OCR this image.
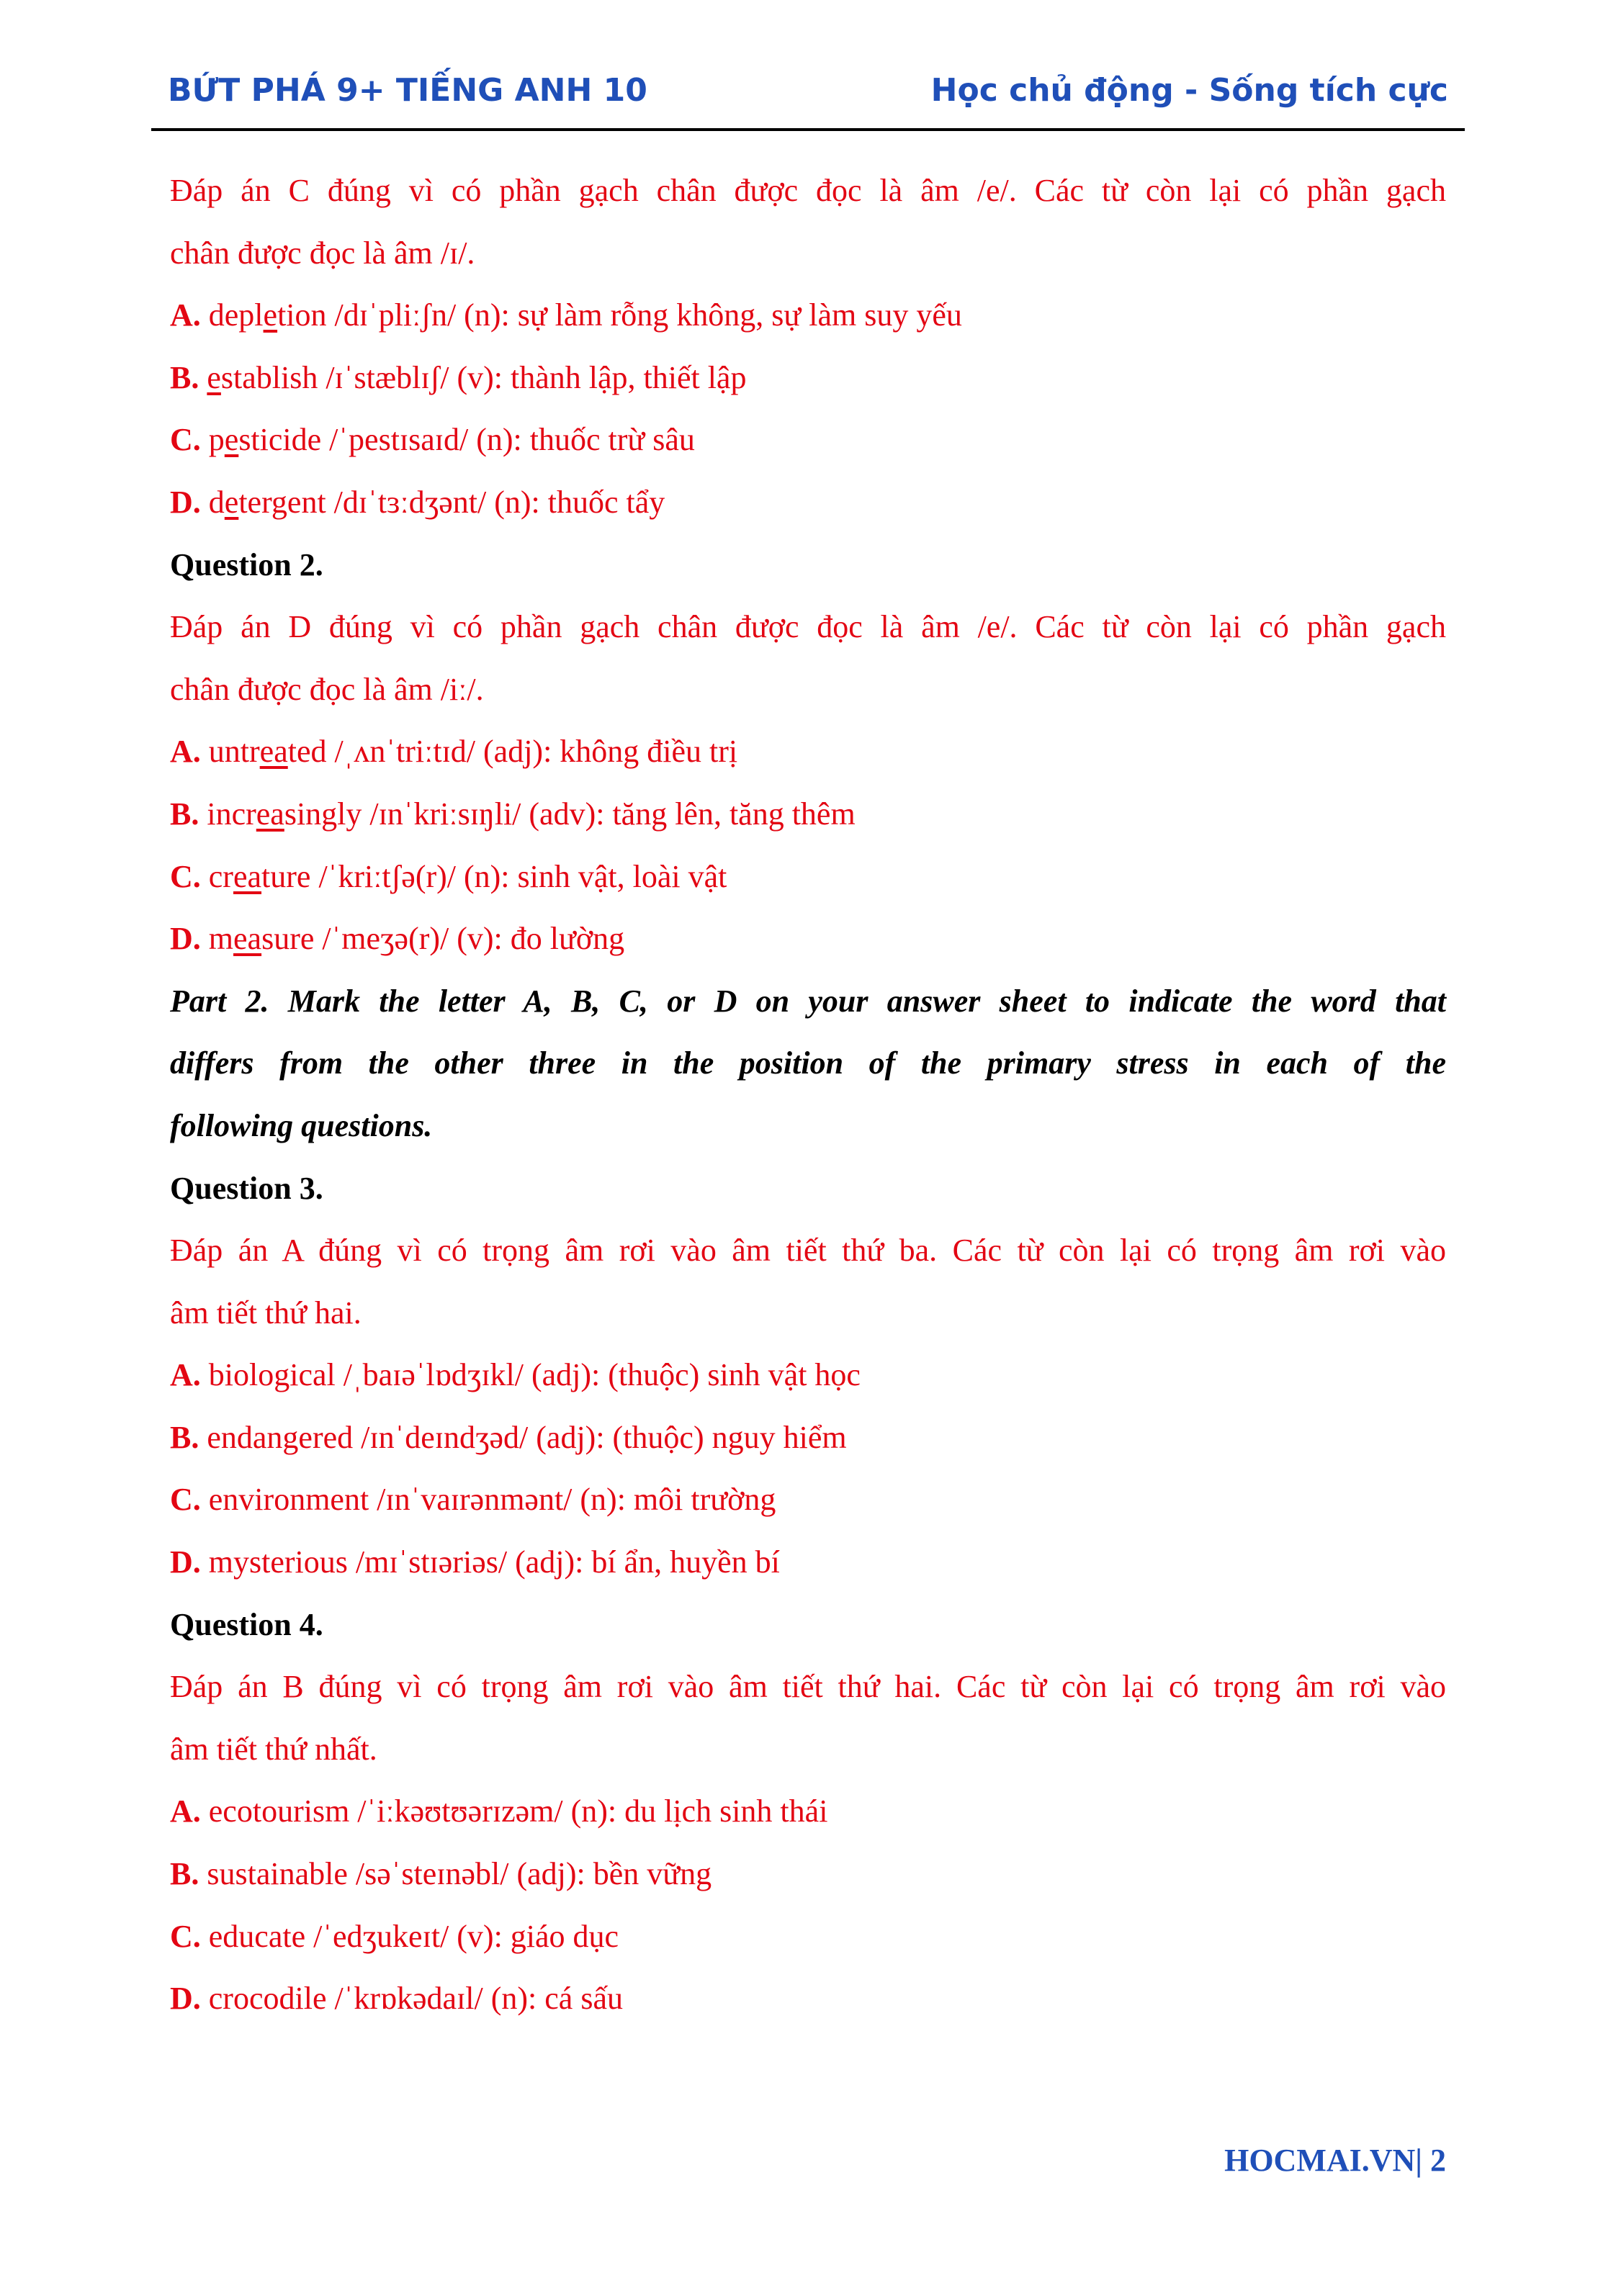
BỨT PHÁ 9+ TIẾNG ANH 10	Học chủ động - Sống tích cực
Đáp án C đúng vì có phần gạch chân được đọc là âm /e/. Các từ còn lại có phần gạch
chân được đọc là âm /ɪ/.
A. depletion /dɪˈpliːʃn/ (n): sự làm rỗng không, sự làm suy yếu
B. establish /ɪˈstæblɪʃ/ (v): thành lập, thiết lập
C. pesticide /ˈpestɪsaɪd/ (n): thuốc trừ sâu
D. detergent /dɪˈtɜːdʒənt/ (n): thuốc tẩy
Question 2.
Đáp án D đúng vì có phần gạch chân được đọc là âm /e/. Các từ còn lại có phần gạch
chân được đọc là âm /iː/.
A. untreated /ˌʌnˈtriːtɪd/ (adj): không điều trị
B. increasingly /ɪnˈkriːsɪŋli/ (adv): tăng lên, tăng thêm
C. creature /ˈkriːtʃə(r)/ (n): sinh vật, loài vật
D. measure /ˈmeʒə(r)/ (v): đo lường
Part 2. Mark the letter A, B, C, or D on your answer sheet to indicate the word that
differs from the other three in the position of the primary stress in each of the
following questions.
Question 3.
Đáp án A đúng vì có trọng âm rơi vào âm tiết thứ ba. Các từ còn lại có trọng âm rơi vào
âm tiết thứ hai.
A. biological /ˌbaɪəˈlɒdʒɪkl/ (adj): (thuộc) sinh vật học
B. endangered /ɪnˈdeɪndʒəd/ (adj): (thuộc) nguy hiểm
C. environment /ɪnˈvaɪrənmənt/ (n): môi trường
D. mysterious /mɪˈstɪəriəs/ (adj): bí ẩn, huyền bí
Question 4.
Đáp án B đúng vì có trọng âm rơi vào âm tiết thứ hai. Các từ còn lại có trọng âm rơi vào
âm tiết thứ nhất.
A. ecotourism /ˈiːkəʊtʊərɪzəm/ (n): du lịch sinh thái
B. sustainable /səˈsteɪnəbl/ (adj): bền vững
C. educate /ˈedʒukeɪt/ (v): giáo dục
D. crocodile /ˈkrɒkədaɪl/ (n): cá sấu
HOCMAI.VN| 2
